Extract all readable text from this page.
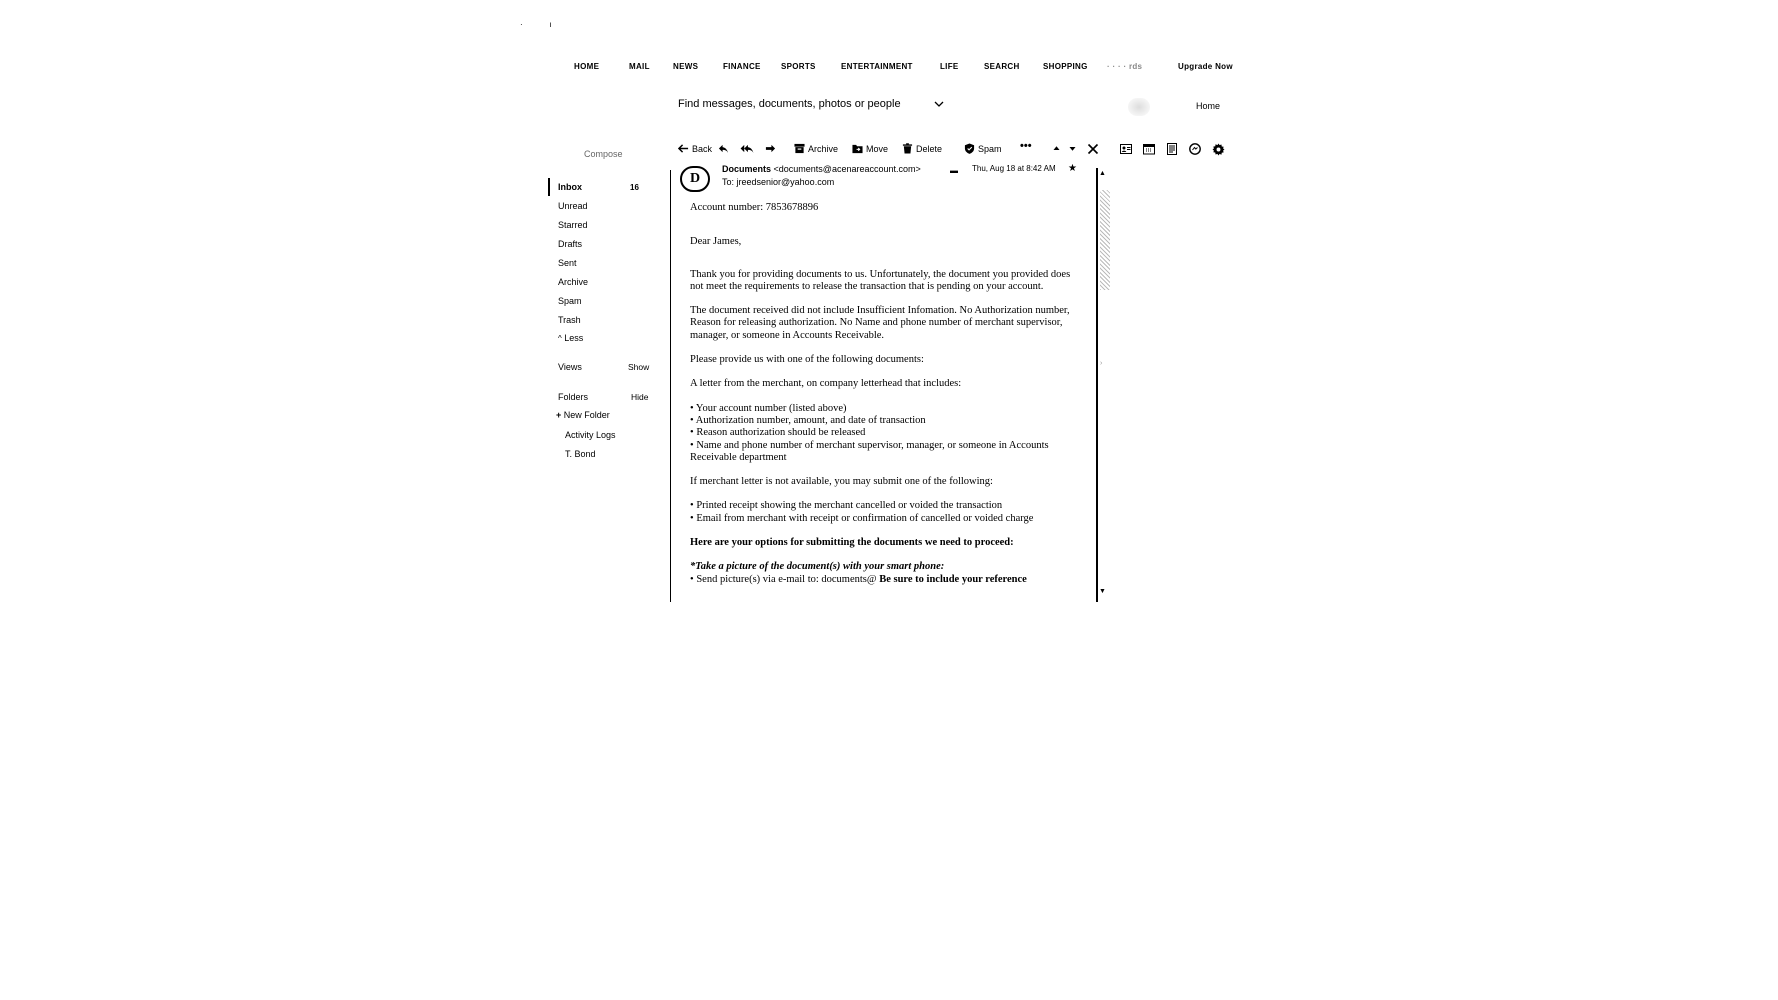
·            ı
HOME	MAIL	NEWS	FINANCE	SPORTS	ENTERTAINMENT	LIFE	SEARCH	SHOPPING · · · · rds	Upgrade Now
Find messages, documents, photos or people	Home
Compose
Back	Archive	Move	Delete	Spam •••
Inbox	16
Unread
Starred
Drafts
Sent
Archive
Spam
Trash
^ Less
Views	Show
Folders	Hide
+ New Folder
Activity Logs
T. Bond
D
Documents <documents@acenareaccount.com>
To: jreedsenior@yahoo.com
▬ Thu, Aug 18 at 8:42 AM ★

Account number: 7853678896

Dear James,

Thank you for providing documents to us. Unfortunately, the document you provided does not meet the requirements to release the transaction that is pending on your account.

The document received did not include Insufficient Infomation. No Authorization number, Reason for releasing authorization. No Name and phone number of merchant supervisor, manager, or someone in Accounts Receivable.

Please provide us with one of the following documents:

A letter from the merchant, on company letterhead that includes:

• Your account number (listed above)
• Authorization number, amount, and date of transaction
• Reason authorization should be released
• Name and phone number of merchant supervisor, manager, or someone in Accounts Receivable department

If merchant letter is not available, you may submit one of the following:

• Printed receipt showing the merchant cancelled or voided the transaction
• Email from merchant with receipt or confirmation of cancelled or voided charge

Here are your options for submitting the documents we need to proceed:

*Take a picture of the document(s) with your smart phone:
• Send picture(s) via e-mail to: documents@ Be sure to include your reference
▲
›
▼
